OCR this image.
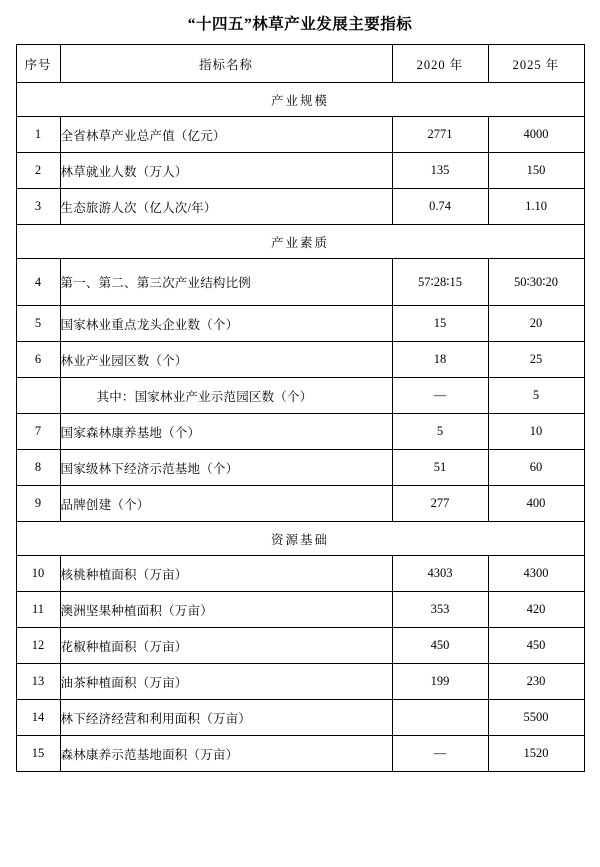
“十四五”林草产业发展主要指标
序号	指标名称	2020 年	2025 年
产业规模			
1	全省林草产业总产值（亿元）	2771	4000
2	林草就业人数（万人）	135	150
3	生态旅游人次（亿人次/年）	0.74	1.10
产业素质			
4	第一、第二、第三次产业结构比例	57∶28∶15	50∶30∶20
5	国家林业重点龙头企业数（个）	15	20
6	林业产业园区数（个）	18	25
	其中：国家林业产业示范园区数（个）	—	5
7	国家森林康养基地（个）	5	10
8	国家级林下经济示范基地（个）	51	60
9	品牌创建（个）	277	400
资源基础			
10	核桃种植面积（万亩）	4303	4300
11	澳洲坚果种植面积（万亩）	353	420
12	花椒种植面积（万亩）	450	450
13	油茶种植面积（万亩）	199	230
14	林下经济经营和利用面积（万亩）		5500
15	森林康养示范基地面积（万亩）	—	1520
